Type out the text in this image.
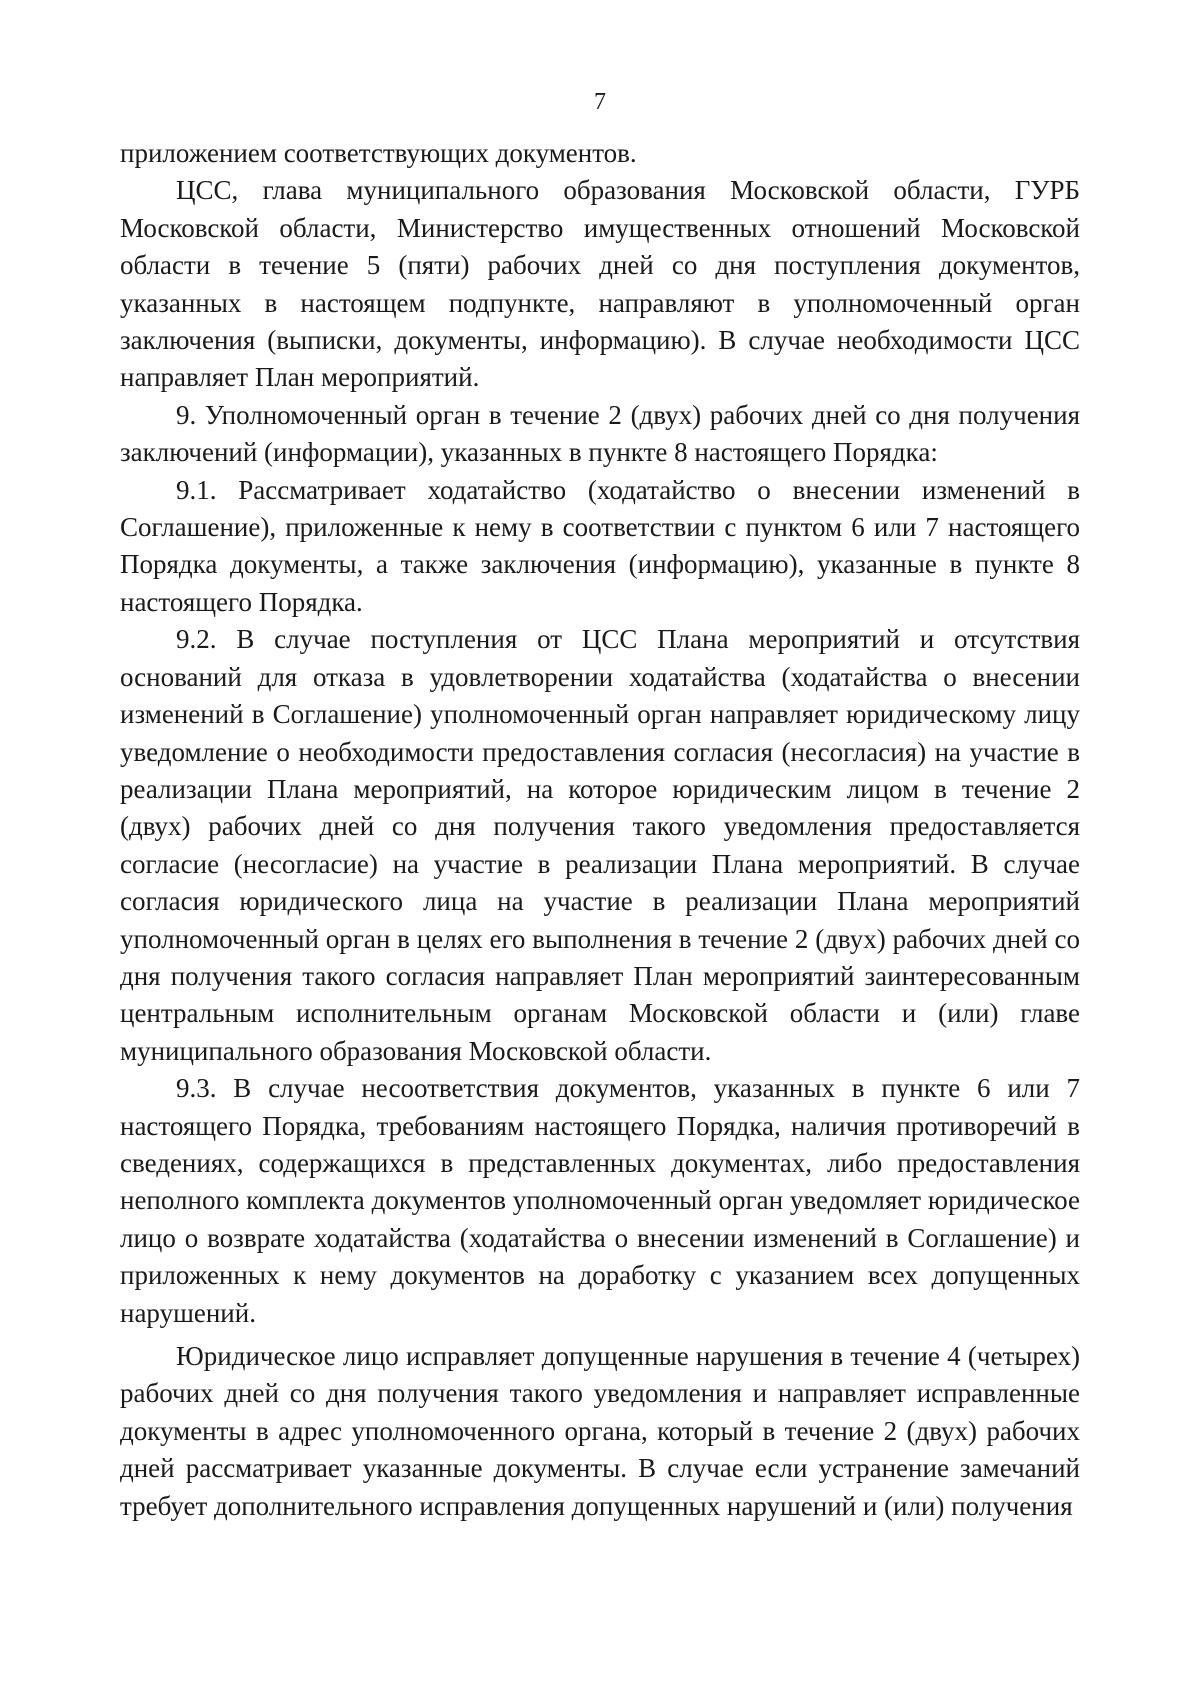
7

приложением соответствующих документов.

ЦСС, глава муниципального образования Московской области, ГУРБ Московской области, Министерство имущественных отношений Московской области в течение 5 (пяти) рабочих дней со дня поступления документов, указанных в настоящем подпункте, направляют в уполномоченный орган заключения (выписки, документы, информацию). В случае необходимости ЦСС направляет План мероприятий.

9. Уполномоченный орган в течение 2 (двух) рабочих дней со дня получения заключений (информации), указанных в пункте 8 настоящего Порядка:

9.1. Рассматривает ходатайство (ходатайство о внесении изменений в Соглашение), приложенные к нему в соответствии с пунктом 6 или 7 настоящего Порядка документы, а также заключения (информацию), указанные в пункте 8 настоящего Порядка.

9.2. В случае поступления от ЦСС Плана мероприятий и отсутствия оснований для отказа в удовлетворении ходатайства (ходатайства о внесении изменений в Соглашение) уполномоченный орган направляет юридическому лицу уведомление о необходимости предоставления согласия (несогласия) на участие в реализации Плана мероприятий, на которое юридическим лицом в течение 2 (двух) рабочих дней со дня получения такого уведомления предоставляется согласие (несогласие) на участие в реализации Плана мероприятий. В случае согласия юридического лица на участие в реализации Плана мероприятий уполномоченный орган в целях его выполнения в течение 2 (двух) рабочих дней со дня получения такого согласия направляет План мероприятий заинтересованным центральным исполнительным органам Московской области и (или) главе муниципального образования Московской области.

9.3. В случае несоответствия документов, указанных в пункте 6 или 7 настоящего Порядка, требованиям настоящего Порядка, наличия противоречий в сведениях, содержащихся в представленных документах, либо предоставления неполного комплекта документов уполномоченный орган уведомляет юридическое лицо о возврате ходатайства (ходатайства о внесении изменений в Соглашение) и приложенных к нему документов на доработку с указанием всех допущенных нарушений.

Юридическое лицо исправляет допущенные нарушения в течение 4 (четырех) рабочих дней со дня получения такого уведомления и направляет исправленные документы в адрес уполномоченного органа, который в течение 2 (двух) рабочих дней рассматривает указанные документы. В случае если устранение замечаний требует дополнительного исправления допущенных нарушений и (или) получения
